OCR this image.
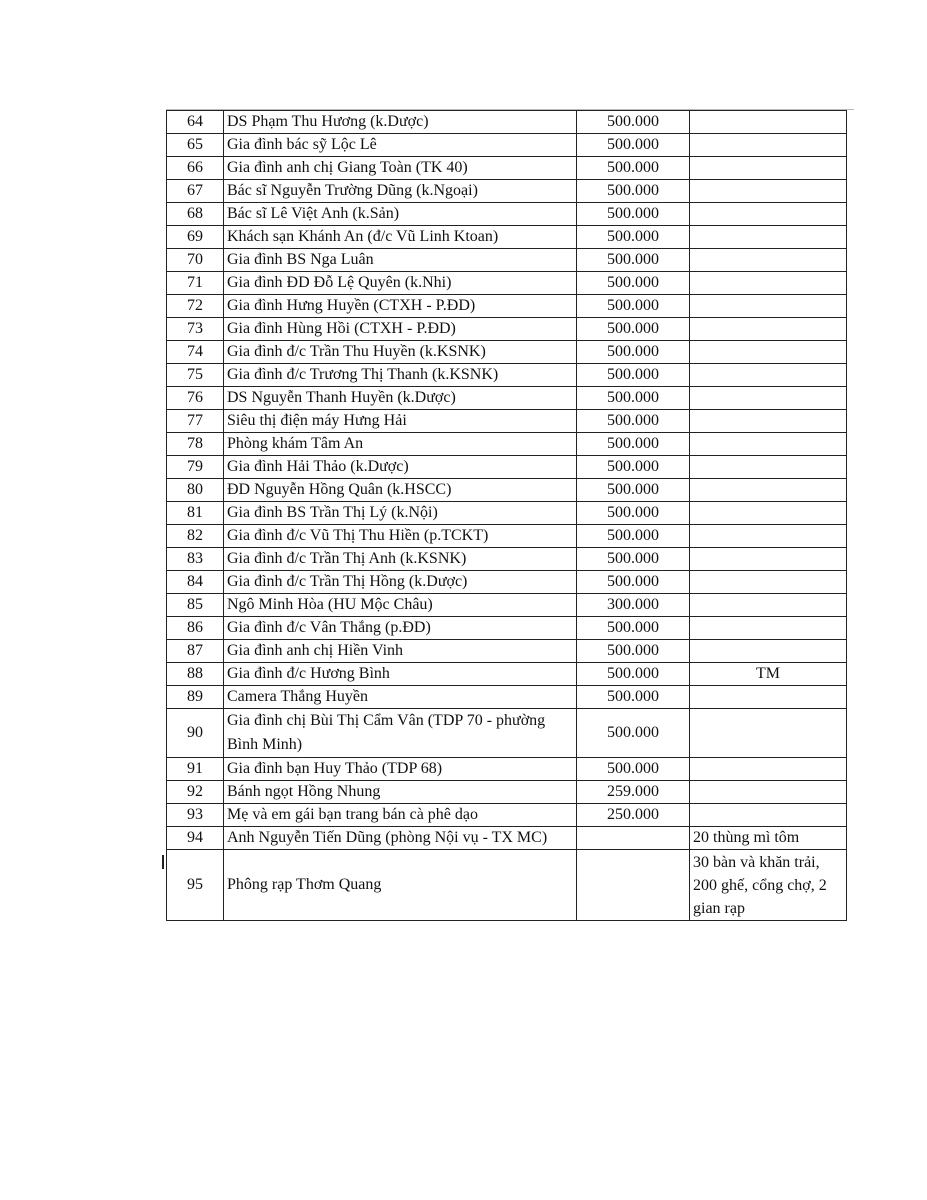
64	DS Phạm Thu Hương (k.Dược)	500.000	
65	Gia đình bác sỹ Lộc Lê	500.000	
66	Gia đình anh chị Giang Toàn (TK 40)	500.000	
67	Bác sĩ Nguyễn Trường Dũng (k.Ngoại)	500.000	
68	Bác sĩ Lê Việt Anh (k.Sản)	500.000	
69	Khách sạn Khánh An (đ/c Vũ Linh Ktoan)	500.000	
70	Gia đình BS Nga Luân	500.000	
71	Gia đình ĐD Đỗ Lệ Quyên (k.Nhi)	500.000	
72	Gia đình Hưng Huyền (CTXH - P.ĐD)	500.000	
73	Gia đình Hùng Hồi (CTXH - P.ĐD)	500.000	
74	Gia đình đ/c Trần Thu Huyền (k.KSNK)	500.000	
75	Gia đình đ/c Trương Thị Thanh (k.KSNK)	500.000	
76	DS Nguyễn Thanh Huyền (k.Dược)	500.000	
77	Siêu thị điện máy Hưng Hải	500.000	
78	Phòng khám Tâm An	500.000	
79	Gia đình Hải Thảo (k.Dược)	500.000	
80	ĐD Nguyễn Hồng Quân (k.HSCC)	500.000	
81	Gia đình BS Trần Thị Lý (k.Nội)	500.000	
82	Gia đình đ/c Vũ Thị Thu Hiền (p.TCKT)	500.000	
83	Gia đình đ/c Trần Thị Anh (k.KSNK)	500.000	
84	Gia đình đ/c Trần Thị Hồng (k.Dược)	500.000	
85	Ngô Minh Hòa (HU Mộc Châu)	300.000	
86	Gia đình đ/c Vân Thắng (p.ĐD)	500.000	
87	Gia đình anh chị Hiền Vinh	500.000	
88	Gia đình đ/c Hương Bình	500.000	TM
89	Camera Thắng Huyền	500.000	
90	Gia đình chị Bùi Thị Cẩm Vân (TDP 70 - phường Bình Minh)	500.000	
91	Gia đình bạn Huy Thảo (TDP 68)	500.000	
92	Bánh ngọt Hồng Nhung	259.000	
93	Mẹ và em gái bạn trang bán cà phê dạo	250.000	
94	Anh Nguyễn Tiến Dũng (phòng Nội vụ - TX MC)		20 thùng mì tôm
95	Phông rạp Thơm Quang		30 bàn và khăn trải, 200 ghế, cổng chợ, 2 gian rạp
